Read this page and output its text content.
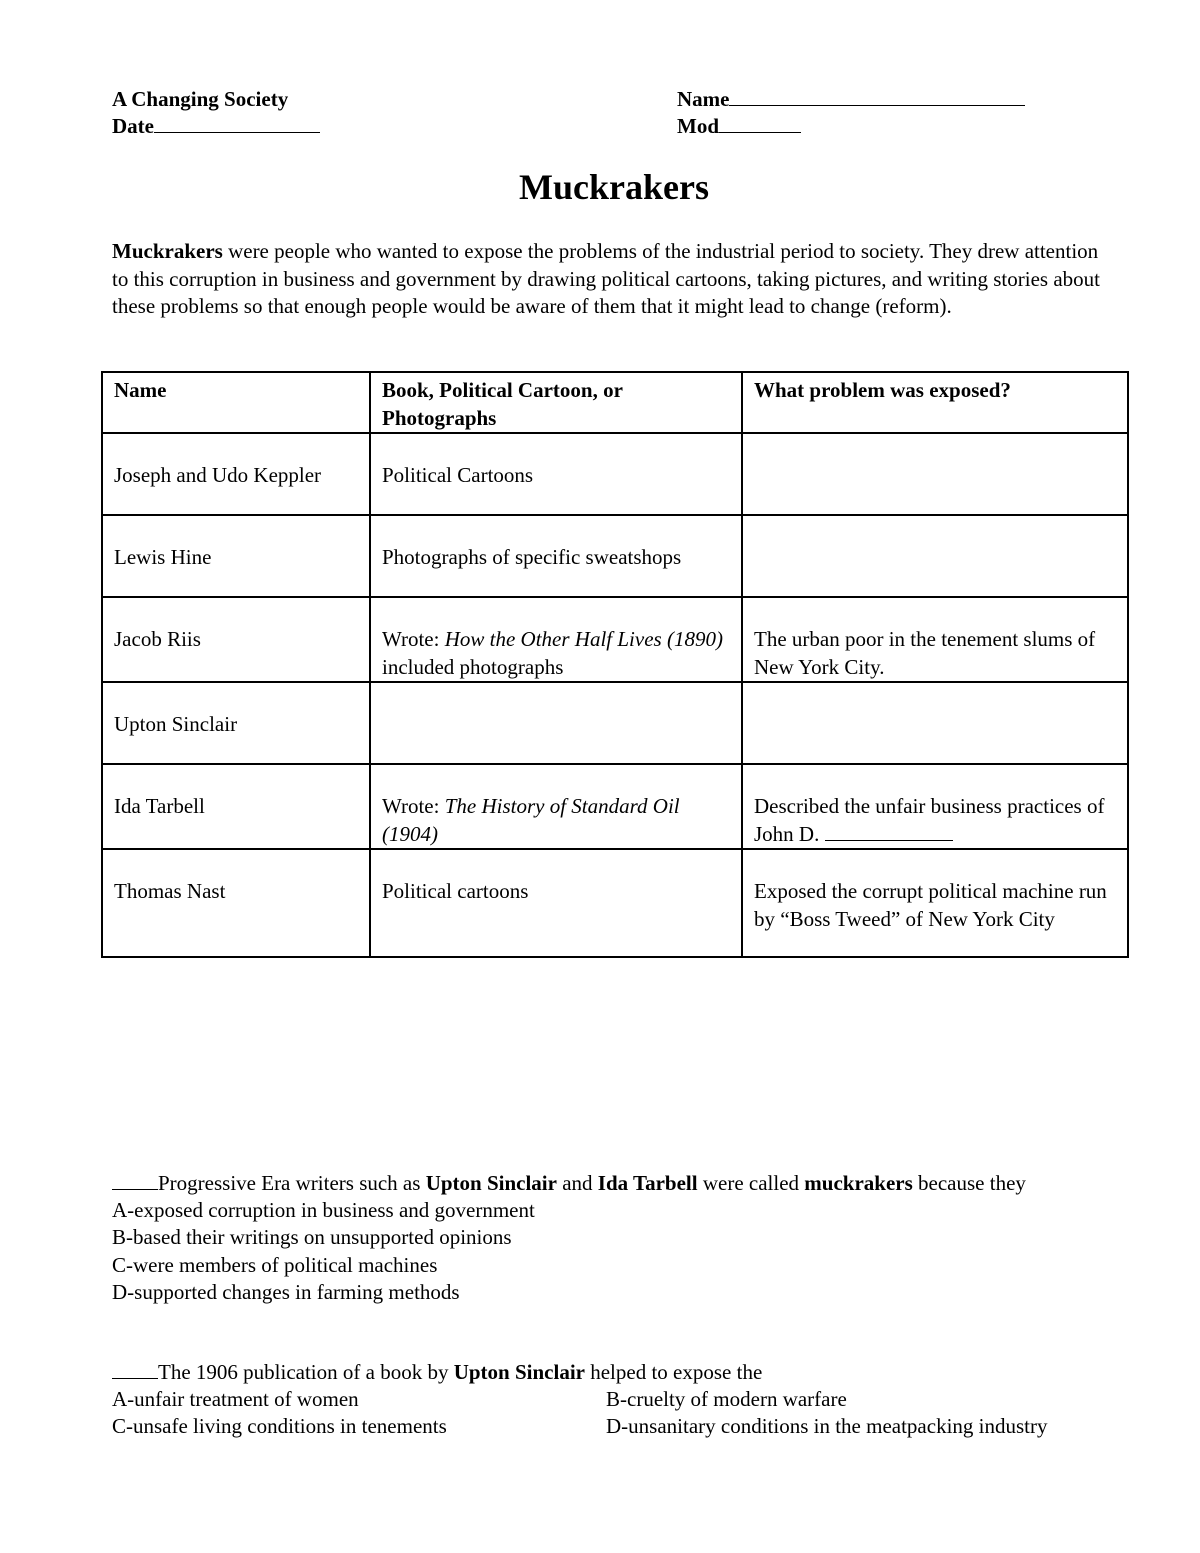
A Changing Society
Date
Name
Mod
Muckrakers
Muckrakers were people who wanted to expose the problems of the industrial period to society. They drew attention to this corruption in business and government by drawing political cartoons, taking pictures, and writing stories about these problems so that enough people would be aware of them that it might lead to change (reform).
Name	Book, Political Cartoon, or Photographs	What problem was exposed?
Joseph and Udo Keppler	Political Cartoons	
Lewis Hine	Photographs of specific sweatshops	
Jacob Riis	Wrote: How the Other Half Lives (1890) included photographs	The urban poor in the tenement slums of New York City.
Upton Sinclair		
Ida Tarbell	Wrote: The History of Standard Oil (1904)	Described the unfair business practices of John D.
Thomas Nast	Political cartoons	Exposed the corrupt political machine run by “Boss Tweed” of New York City
Progressive Era writers such as Upton Sinclair and Ida Tarbell were called muckrakers because they
A-exposed corruption in business and government
B-based their writings on unsupported opinions
C-were members of political machines
D-supported changes in farming methods
The 1906 publication of a book by Upton Sinclair helped to expose the
A-unfair treatment of women	B-cruelty of modern warfare
C-unsafe living conditions in tenements	D-unsanitary conditions in the meatpacking industry
